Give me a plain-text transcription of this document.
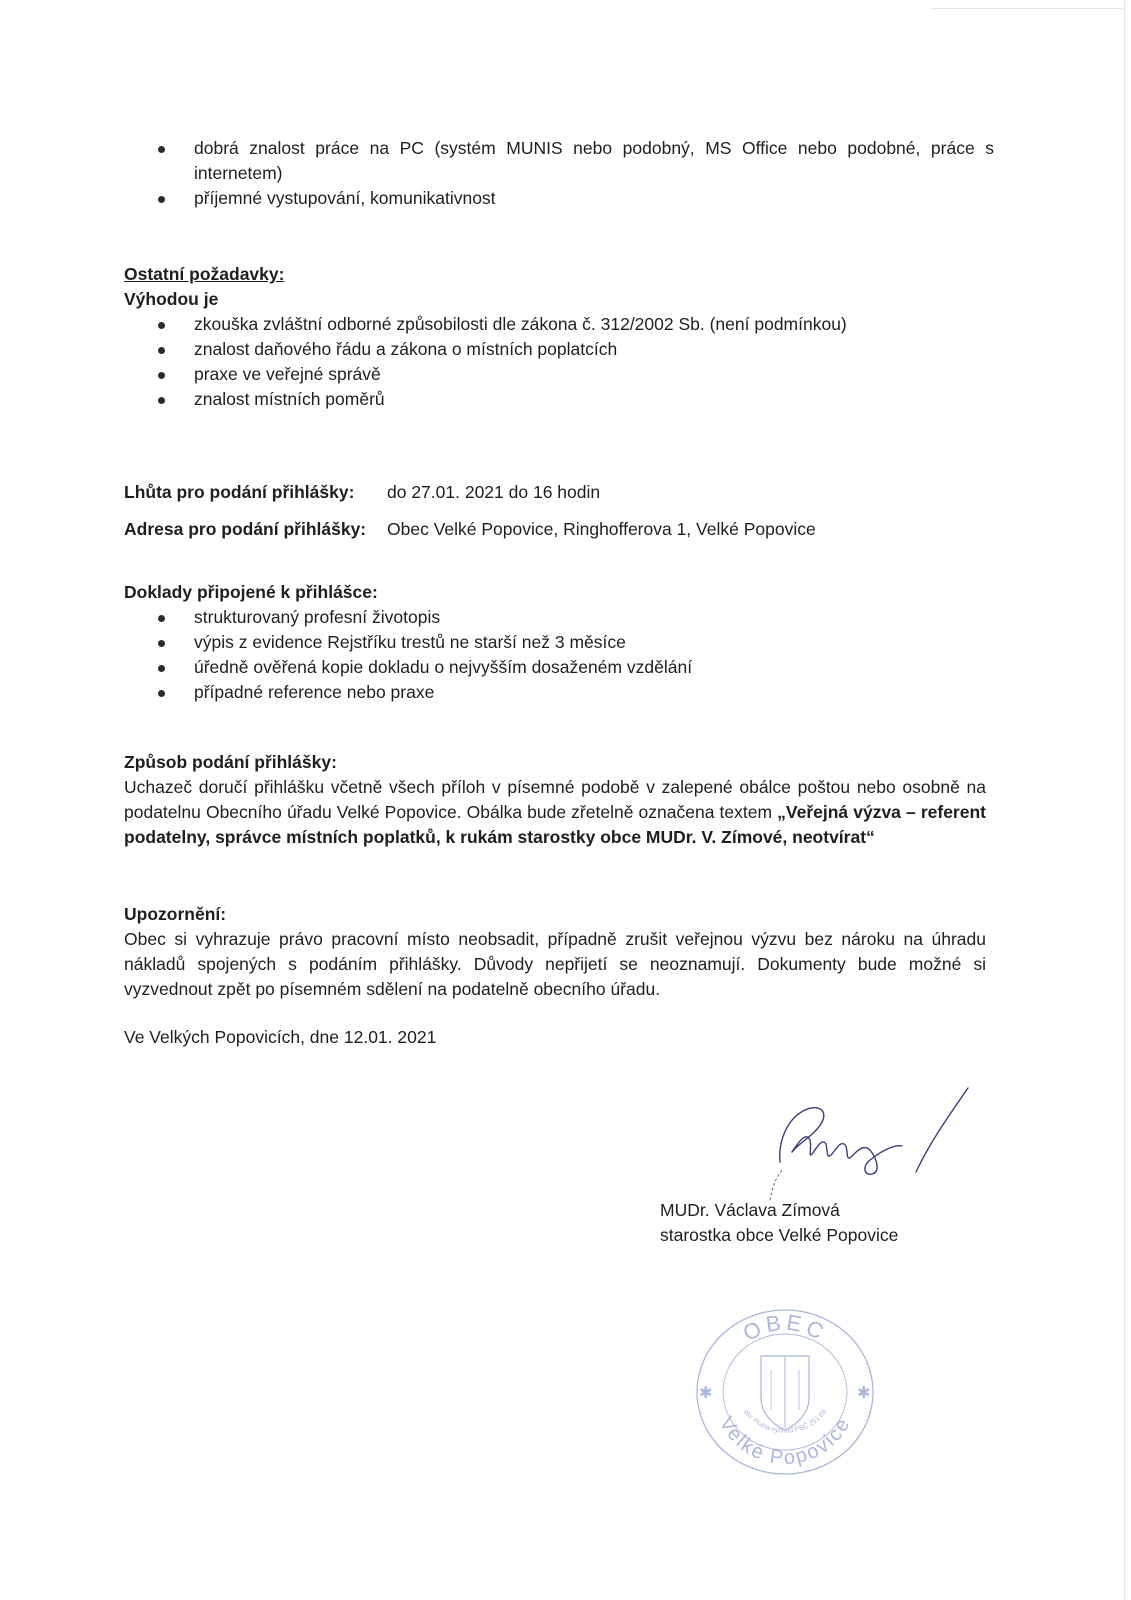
dobrá znalost práce na PC (systém MUNIS nebo podobný, MS Office nebo podobné, práce s internetem)
příjemné vystupování, komunikativnost
Ostatní požadavky:
Výhodou je
zkouška zvláštní odborné způsobilosti dle zákona č. 312/2002 Sb. (není podmínkou)
znalost daňového řádu a zákona o místních poplatcích
praxe ve veřejné správě
znalost místních poměrů
Lhůta pro podání přihlášky: do 27.01. 2021 do 16 hodin
Adresa pro podání přihlášky: Obec Velké Popovice, Ringhofferova 1, Velké Popovice
Doklady připojené k přihlášce:
strukturovaný profesní životopis
výpis z evidence Rejstříku trestů ne starší než 3 měsíce
úředně ověřená kopie dokladu o nejvyšším dosaženém vzdělání
případné reference nebo praxe
Způsob podání přihlášky:

Uchazeč doručí přihlášku včetně všech příloh v písemné podobě v zalepené obálce poštou nebo osobně na podatelnu Obecního úřadu Velké Popovice. Obálka bude zřetelně označena textem „Veřejná výzva – referent podatelny, správce místních poplatků, k rukám starostky obce MUDr. V. Zímové, neotvírat“

Upozornění:

Obec si vyhrazuje právo pracovní místo neobsadit, případně zrušit veřejnou výzvu bez nároku na úhradu nákladů spojených s podáním přihlášky. Důvody nepřijetí se neoznamují. Dokumenty bude možné si vyzvednout zpět po písemném sdělení na podatelně obecního úřadu.

Ve Velkých Popovicích, dne 12.01. 2021
MUDr. Václava Zímová
starostka obce Velké Popovice
OBEC
Velké Popovice
okr. Praha-východ PSČ 251 69
✱	✱
